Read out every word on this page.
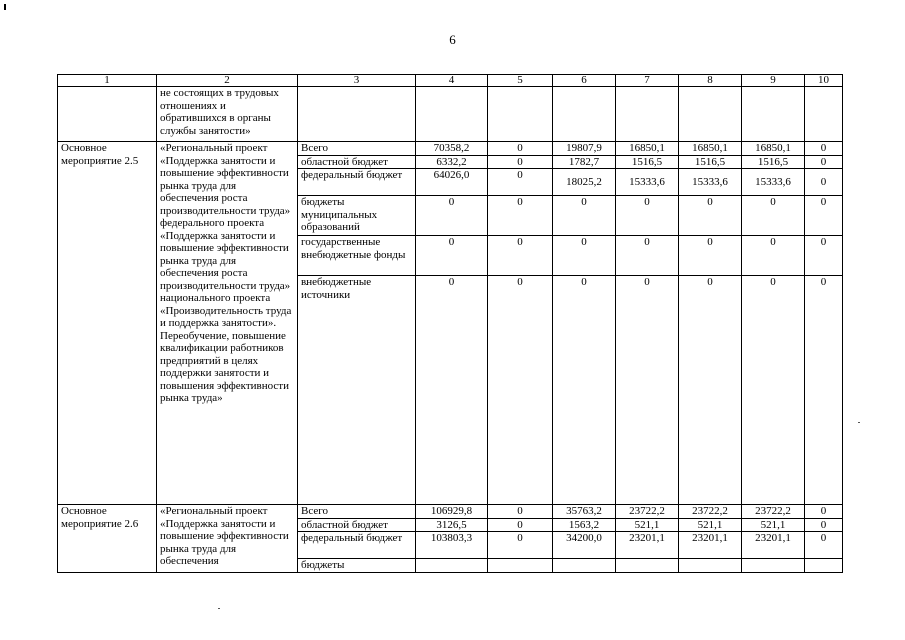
6
1	2	3	4	5	6	7	8	9	10
	не состоящих в трудовых отношениях и обратившихся в органы службы занятости»								
Основное мероприятие 2.5	«Региональный проект «Поддержка занятости и повышение эффективности рынка труда для обеспечения роста производительности труда» федерального проекта «Поддержка занятости и повышение эффективности рынка труда для обеспечения роста производительности труда» национального проекта «Производительность труда и поддержка занятости». Переобучение, повышение квалификации работников предприятий в целях поддержки занятости и повышения эффективности рынка труда»	Всего	70358,2	0	19807,9	16850,1	16850,1	16850,1	0
		областной бюджет	6332,2	0	1782,7	1516,5	1516,5	1516,5	0
		федеральный бюджет	64026,0	0	18025,2	15333,6	15333,6	15333,6	0
		бюджеты муниципальных образований	0	0	0	0	0	0	0
		государственные внебюджетные фонды	0	0	0	0	0	0	0
		внебюджетные источники	0	0	0	0	0	0	0
Основное мероприятие 2.6	«Региональный проект «Поддержка занятости и повышение эффективности рынка труда для обеспечения	Всего	106929,8	0	35763,2	23722,2	23722,2	23722,2	0
		областной бюджет	3126,5	0	1563,2	521,1	521,1	521,1	0
		федеральный бюджет	103803,3	0	34200,0	23201,1	23201,1	23201,1	0
		бюджеты							
